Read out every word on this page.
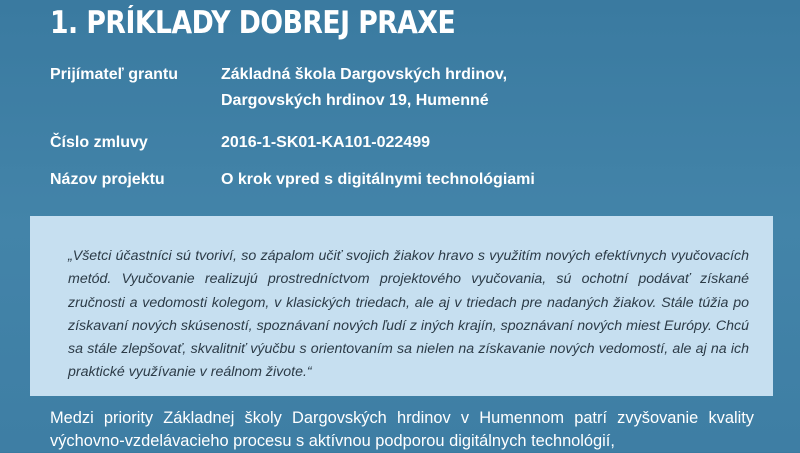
1. PRÍKLADY DOBREJ PRAXE
Prijímateľ grantu	Základná škola Dargovských hrdinov,
Dargovských hrdinov 19, Humenné
Číslo zmluvy	2016-1-SK01-KA101-022499
Názov projektu	O krok vpred s digitálnymi technológiami

„Všetci účastníci sú tvoriví, so zápalom učiť svojich žiakov hravo s využitím nových efektívnych vyučovacích metód. Vyučovanie realizujú prostredníctvom projektového vyučovania, sú ochotní podávať získané zručnosti a vedomosti kolegom, v klasických triedach, ale aj v triedach pre nadaných žiakov. Stále túžia po získavaní nových skúseností, spoznávaní nových ľudí z iných krajín, spoznávaní nových miest Európy. Chcú sa stále zlepšovať, skvalitniť výučbu s orientovaním sa nielen na získavanie nových vedomostí, ale aj na ich praktické využívanie v reálnom živote.“

Medzi priority Základnej školy Dargovských hrdinov v Humennom patrí zvyšovanie kvality výchovno-vzdelávacieho procesu s aktívnou podporou digitálnych technológií,
